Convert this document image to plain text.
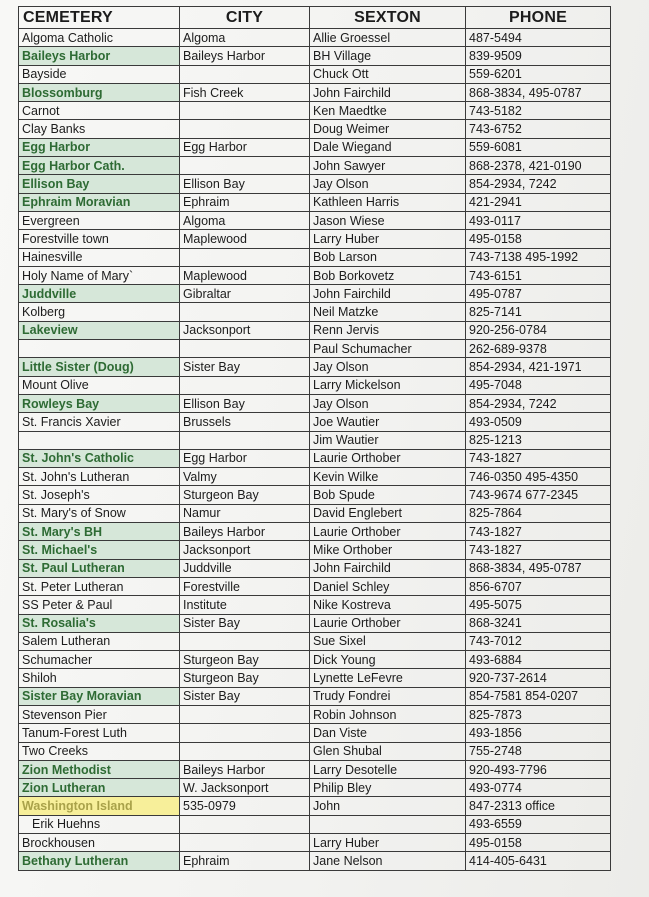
CEMETERY	CITY	SEXTON	PHONE
Algoma Catholic	Algoma	Allie Groessel	487-5494
Baileys Harbor	Baileys Harbor	BH Village	839-9509
Bayside		Chuck Ott	559-6201
Blossomburg	Fish Creek	John Fairchild	868-3834, 495-0787
Carnot		Ken Maedtke	743-5182
Clay Banks		Doug Weimer	743-6752
Egg Harbor	Egg Harbor	Dale Wiegand	559-6081
Egg Harbor Cath.		John Sawyer	868-2378, 421-0190
Ellison Bay	Ellison Bay	Jay Olson	854-2934, 7242
Ephraim Moravian	Ephraim	Kathleen Harris	421-2941
Evergreen	Algoma	Jason Wiese	493-0117
Forestville town	Maplewood	Larry Huber	495-0158
Hainesville		Bob Larson	743-7138 495-1992
Holy Name of Mary`	Maplewood	Bob Borkovetz	743-6151
Juddville	Gibraltar	John Fairchild	495-0787
Kolberg		Neil Matzke	825-7141
Lakeview	Jacksonport	Renn Jervis	920-256-0784
		Paul Schumacher	262-689-9378
Little Sister (Doug)	Sister Bay	Jay Olson	854-2934, 421-1971
Mount Olive		Larry Mickelson	495-7048
Rowleys Bay	Ellison Bay	Jay Olson	854-2934, 7242
St. Francis Xavier	Brussels	Joe Wautier	493-0509
		Jim Wautier	825-1213
St. John's Catholic	Egg Harbor	Laurie Orthober	743-1827
St. John's Lutheran	Valmy	Kevin Wilke	746-0350 495-4350
St. Joseph's	Sturgeon Bay	Bob Spude	743-9674 677-2345
St. Mary's of Snow	Namur	David Englebert	825-7864
St. Mary's BH	Baileys Harbor	Laurie Orthober	743-1827
St. Michael's	Jacksonport	Mike Orthober	743-1827
St. Paul Lutheran	Juddville	John Fairchild	868-3834, 495-0787
St. Peter Lutheran	Forestville	Daniel Schley	856-6707
SS Peter & Paul	Institute	Nike Kostreva	495-5075
St. Rosalia's	Sister Bay	Laurie Orthober	868-3241
Salem Lutheran		Sue Sixel	743-7012
Schumacher	Sturgeon Bay	Dick Young	493-6884
Shiloh	Sturgeon Bay	Lynette LeFevre	920-737-2614
Sister Bay Moravian	Sister Bay	Trudy Fondrei	854-7581 854-0207
Stevenson Pier		Robin Johnson	825-7873
Tanum-Forest Luth		Dan Viste	493-1856
Two Creeks		Glen Shubal	755-2748
Zion Methodist	Baileys Harbor	Larry Desotelle	920-493-7796
Zion Lutheran	W. Jacksonport	Philip Bley	493-0774
Washington Island	535-0979	John	847-2313 office
Erik Huehns			493-6559
Brockhousen		Larry Huber	495-0158
Bethany Lutheran	Ephraim	Jane Nelson	414-405-6431
